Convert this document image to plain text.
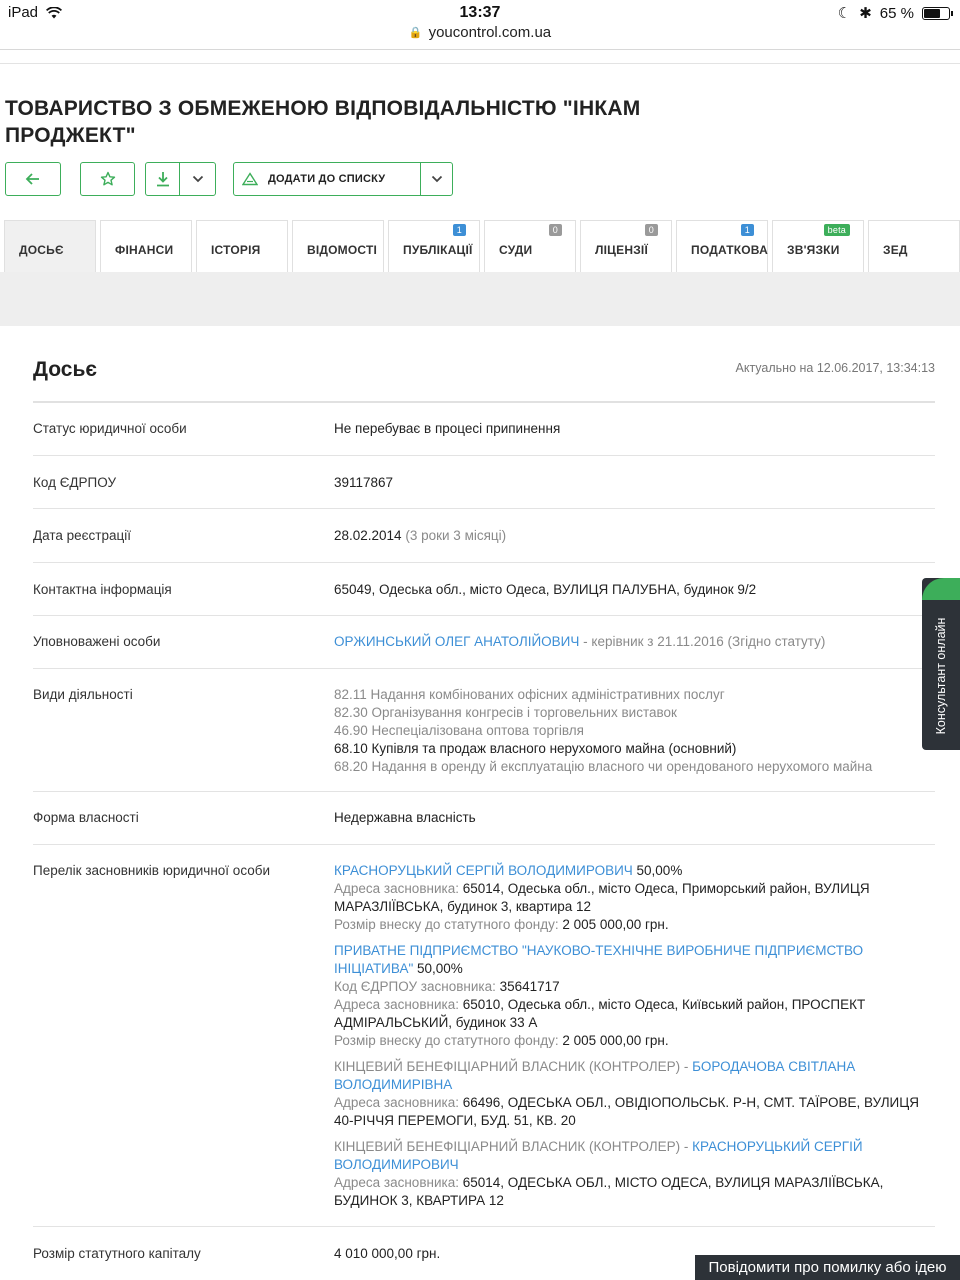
iPad	13:37	☾ ✱ 65 %
🔒 youcontrol.com.ua
ТОВАРИСТВО З ОБМЕЖЕНОЮ ВІДПОВІДАЛЬНІСТЮ "ІНКАМ ПРОДЖЕКТ"
ДОДАТИ ДО СПИСКУ
ДОСЬЄ	ФІНАНСИ	ІСТОРІЯ	ВІДОМОСТІ ПУБЛІКАЦІЇ
1
СУДИ
0
ЛІЦЕНЗІЇ
0
ПОДАТКОВА
1
ЗВ'ЯЗКИ
beta
ЗЕД
Досьє	Актуально на 12.06.2017, 13:34:13
Статус юридичної особи	Не перебуває в процесі припинення
Код ЄДРПОУ	39117867
Дата реєстрації	28.02.2014 (3 роки 3 місяці)
Контактна інформація	65049, Одеська обл., місто Одеса, ВУЛИЦЯ ПАЛУБНА, будинок 9/2
Уповноважені особи	ОРЖИНСЬКИЙ ОЛЕГ АНАТОЛІЙОВИЧ - керівник з 21.11.2016 (Згідно статуту)
Види діяльності	82.11 Надання комбінованих офісних адміністративних послуг
82.30 Організування конгресів і торговельних виставок
46.90 Неспеціалізована оптова торгівля
68.10 Купівля та продаж власного нерухомого майна (основний)
68.20 Надання в оренду й експлуатацію власного чи орендованого нерухомого майна
Форма власності	Недержавна власність
Перелік засновників юридичної особи	КРАСНОРУЦЬКИЙ СЕРГІЙ ВОЛОДИМИРОВИЧ 50,00%
Адреса засновника: 65014, Одеська обл., місто Одеса, Приморський район, ВУЛИЦЯ МАРАЗЛІЇВСЬКА, будинок 3, квартира 12
Розмір внеску до статутного фонду: 2 005 000,00 грн.
ПРИВАТНЕ ПІДПРИЄМСТВО "НАУКОВО-ТЕХНІЧНЕ ВИРОБНИЧЕ ПІДПРИЄМСТВО ІНІЦІАТИВА" 50,00%
Код ЄДРПОУ засновника: 35641717
Адреса засновника: 65010, Одеська обл., місто Одеса, Київський район, ПРОСПЕКТ АДМІРАЛЬСЬКИЙ, будинок 33 А
Розмір внеску до статутного фонду: 2 005 000,00 грн.
КІНЦЕВИЙ БЕНЕФІЦІАРНИЙ ВЛАСНИК (КОНТРОЛЕР) - БОРОДАЧОВА СВІТЛАНА ВОЛОДИМИРІВНА
Адреса засновника: 66496, ОДЕСЬКА ОБЛ., ОВІДІОПОЛЬСЬК. Р-Н, СМТ. ТАЇРОВЕ, ВУЛИЦЯ 40-РІЧЧЯ ПЕРЕМОГИ, БУД. 51, КВ. 20
КІНЦЕВИЙ БЕНЕФІЦІАРНИЙ ВЛАСНИК (КОНТРОЛЕР) - КРАСНОРУЦЬКИЙ СЕРГІЙ ВОЛОДИМИРОВИЧ
Адреса засновника: 65014, ОДЕСЬКА ОБЛ., МІСТО ОДЕСА, ВУЛИЦЯ МАРАЗЛІЇВСЬКА, БУДИНОК 3, КВАРТИРА 12
Розмір статутного капіталу	4 010 000,00 грн.
Консультант онлайн
Повідомити про помилку або ідею
